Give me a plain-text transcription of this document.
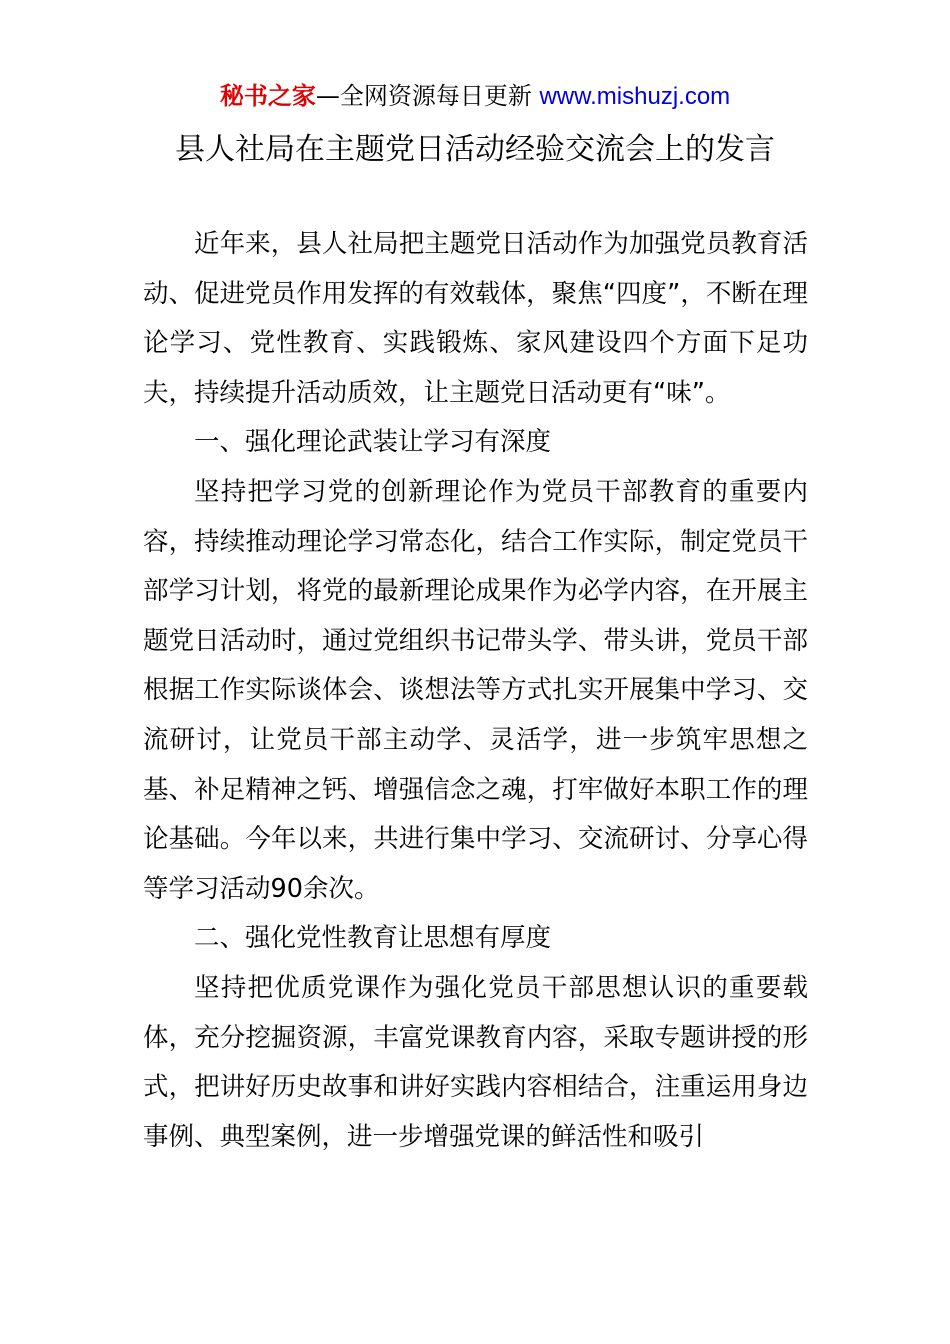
秘书之家—全网资源每日更新 www.mishuzj.com
县人社局在主题党日活动经验交流会上的发言

近年来，县人社局把主题党日活动作为加强党员教育活动、促进党员作用发挥的有效载体，聚焦“四度”，不断在理论学习、党性教育、实践锻炼、家风建设四个方面下足功夫，持续提升活动质效，让主题党日活动更有“味”。

一、强化理论武装让学习有深度

坚持把学习党的创新理论作为党员干部教育的重要内容，持续推动理论学习常态化，结合工作实际，制定党员干部学习计划，将党的最新理论成果作为必学内容，在开展主题党日活动时，通过党组织书记带头学、带头讲，党员干部根据工作实际谈体会、谈想法等方式扎实开展集中学习、交流研讨，让党员干部主动学、灵活学，进一步筑牢思想之基、补足精神之钙、增强信念之魂，打牢做好本职工作的理论基础。今年以来，共进行集中学习、交流研讨、分享心得等学习活动90余次。

二、强化党性教育让思想有厚度

坚持把优质党课作为强化党员干部思想认识的重要载体，充分挖掘资源，丰富党课教育内容，采取专题讲授的形式，把讲好历史故事和讲好实践内容相结合，注重运用身边事例、典型案例，进一步增强党课的鲜活性和吸引
